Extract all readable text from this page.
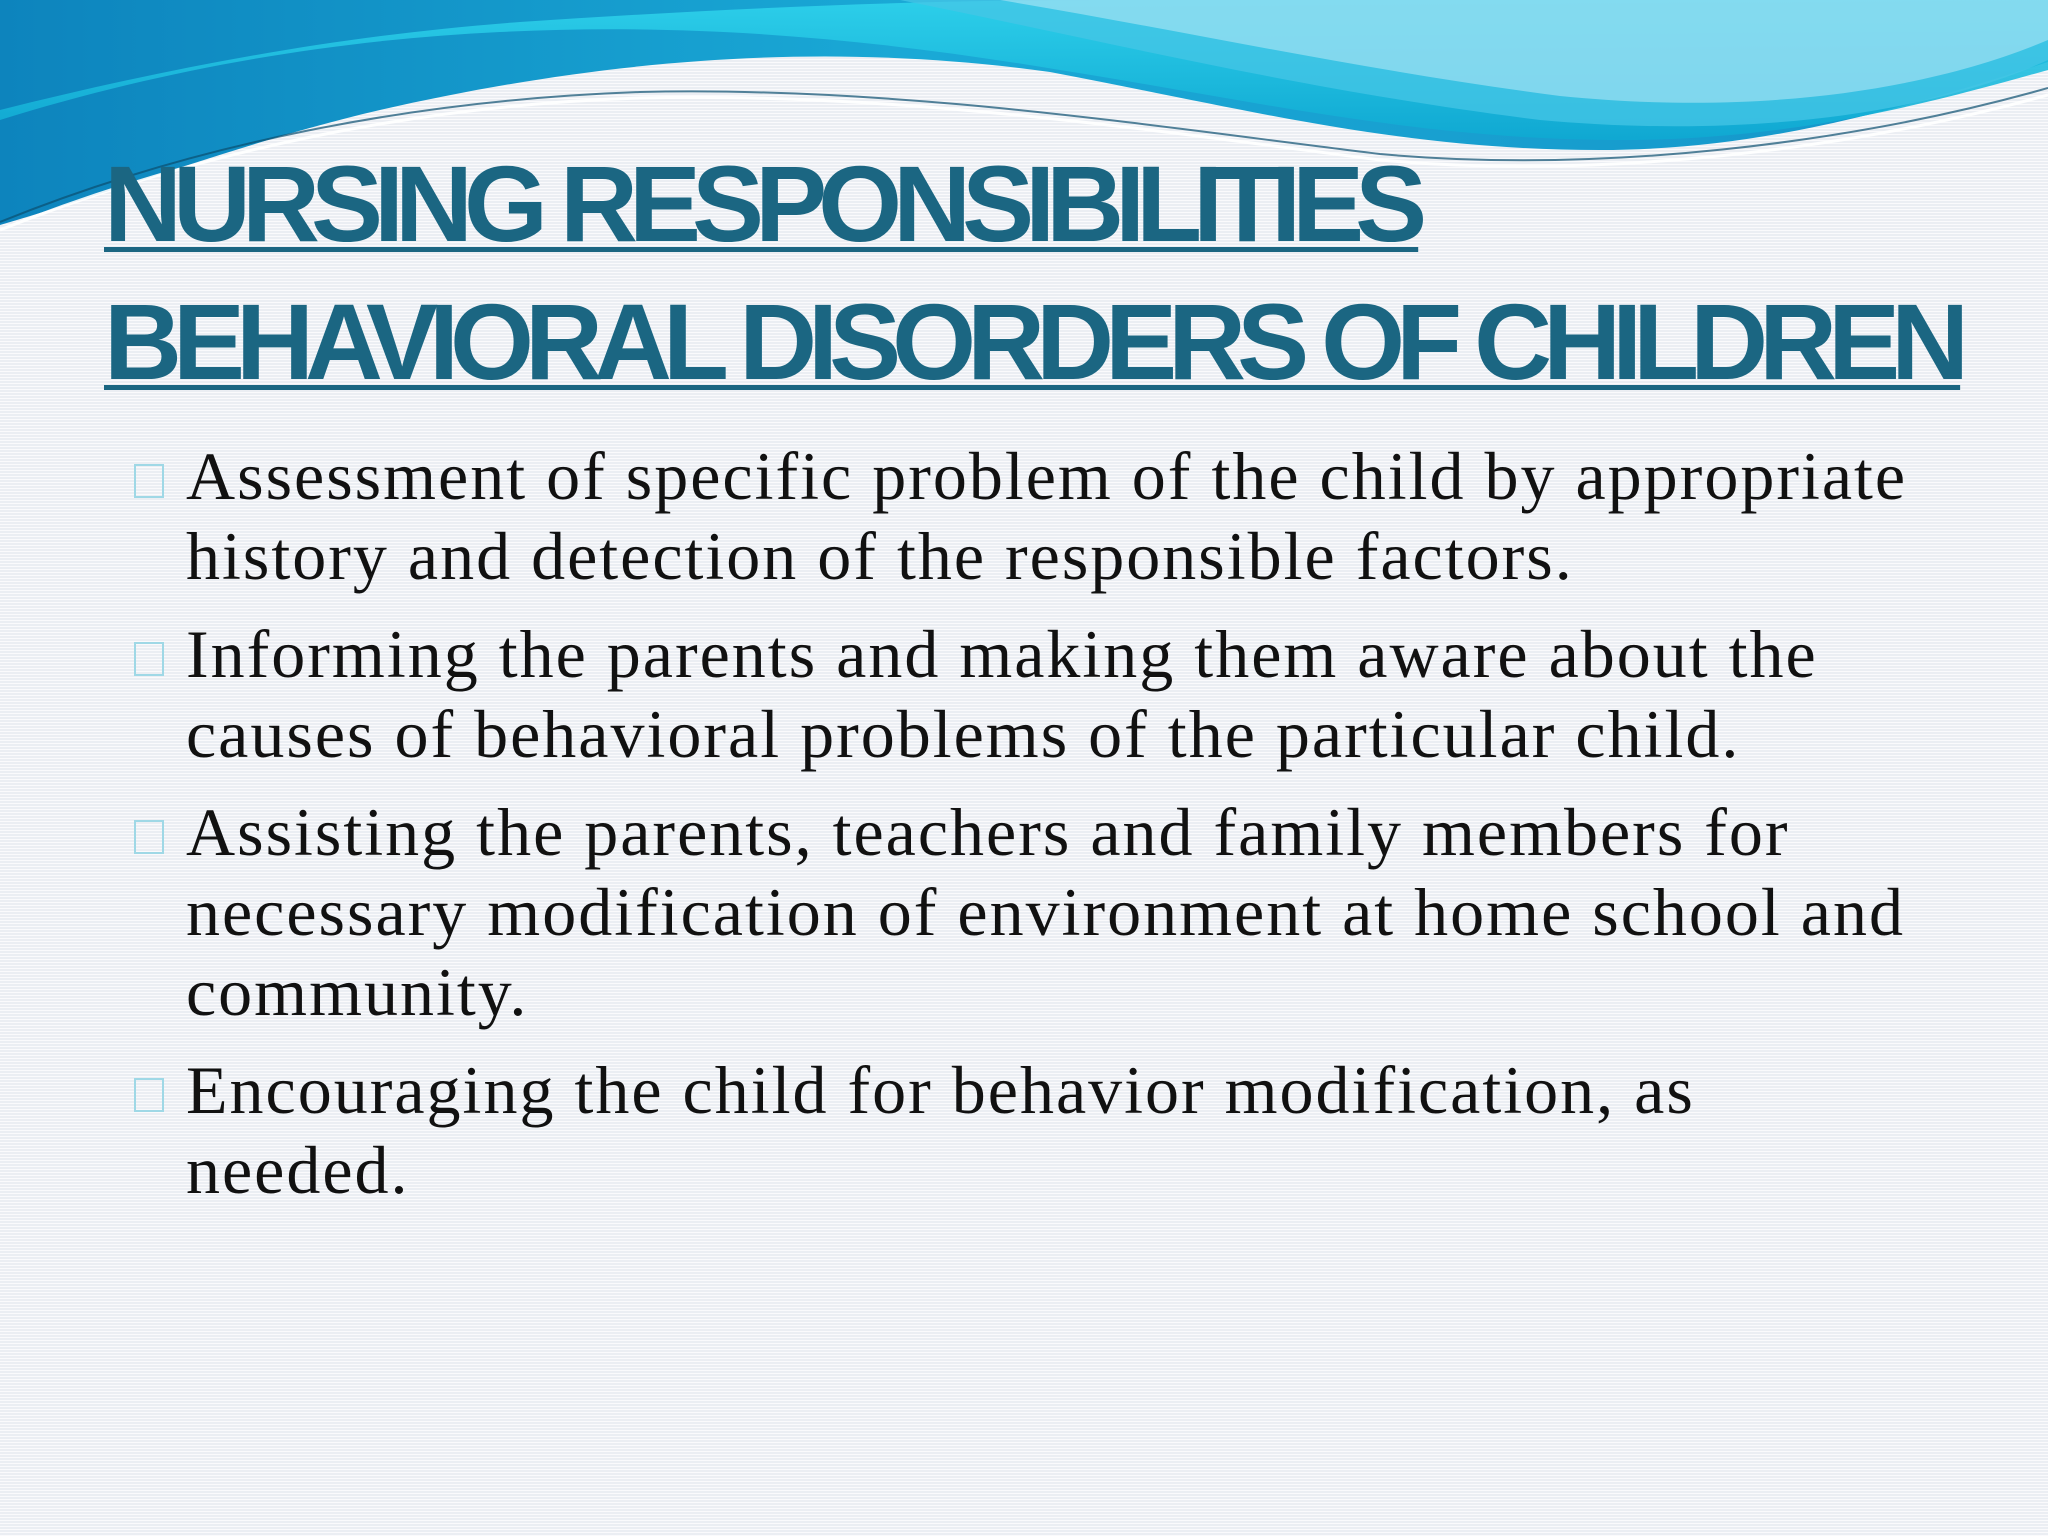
NURSING RESPONSIBILITIES
BEHAVIORAL DISORDERS OF CHILDREN
Assessment of specific problem of the child by appropriate history and detection of the responsible factors.
Informing the parents and making them aware about the causes of behavioral problems of the particular child.
Assisting the parents, teachers and family members for necessary modification of environment at home school and community.
Encouraging the child for behavior modification, as needed.
